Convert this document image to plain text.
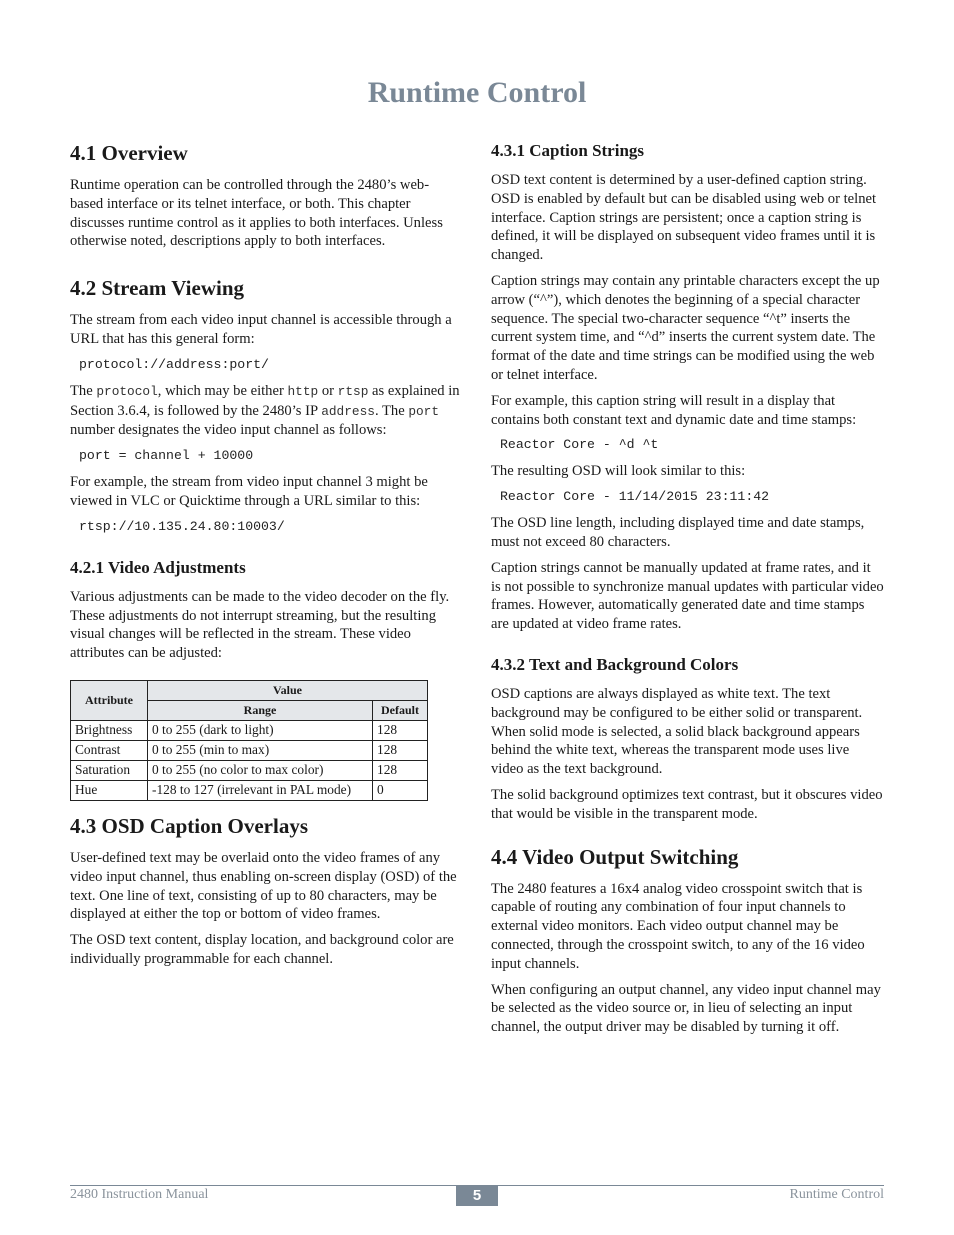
Runtime Control
4.1 Overview

Runtime operation can be controlled through the 2480’s web-based interface or its telnet interface, or both. This chapter discusses runtime control as it applies to both interfaces. Unless otherwise noted, descriptions apply to both interfaces.

4.2 Stream Viewing

The stream from each video input channel is accessible through a URL that has this general form:

protocol://address:port/

The protocol, which may be either http or rtsp as explained in Section 3.6.4, is followed by the 2480’s IP address. The port number designates the video input channel as follows:

port = channel + 10000

For example, the stream from video input channel 3 might be viewed in VLC or Quicktime through a URL similar to this:

rtsp://10.135.24.80:10003/
4.2.1 Video Adjustments

Various adjustments can be made to the video decoder on the fly. These adjustments do not interrupt streaming, but the resulting visual changes will be reflected in the stream. These video attributes can be adjusted:

Attribute	Value	
	Range	Default
Brightness	0 to 255 (dark to light)	128
Contrast	0 to 255 (min to max)	128
Saturation	0 to 255 (no color to max color)	128
Hue	-128 to 127 (irrelevant in PAL mode)	0
4.3 OSD Caption Overlays

User-defined text may be overlaid onto the video frames of any video input channel, thus enabling on-screen display (OSD) of the text. One line of text, consisting of up to 80 characters, may be displayed at either the top or bottom of video frames.

The OSD text content, display location, and background color are individually programmable for each channel.

4.3.1 Caption Strings

OSD text content is determined by a user-defined caption string. OSD is enabled by default but can be disabled using web or telnet interface. Caption strings are persistent; once a caption string is defined, it will be displayed on subsequent video frames until it is changed.

Caption strings may contain any printable characters except the up arrow (“^”), which denotes the beginning of a special character sequence. The special two-character sequence “^t” inserts the current system time, and “^d” inserts the current system date. The format of the date and time strings can be modified using the web or telnet interface.

For example, this caption string will result in a display that contains both constant text and dynamic date and time stamps:

Reactor Core - ^d ^t

The resulting OSD will look similar to this:

Reactor Core - 11/14/2015 23:11:42

The OSD line length, including displayed time and date stamps, must not exceed 80 characters.

Caption strings cannot be manually updated at frame rates, and it is not possible to synchronize manual updates with particular video frames. However, automatically generated date and time stamps are updated at video frame rates.

4.3.2 Text and Background Colors

OSD captions are always displayed as white text. The text background may be configured to be either solid or transparent. When solid mode is selected, a solid black background appears behind the white text, whereas the transparent mode uses live video as the text background.

The solid background optimizes text contrast, but it obscures video that would be visible in the transparent mode.

4.4 Video Output Switching

The 2480 features a 16x4 analog video crosspoint switch that is capable of routing any combination of four input channels to external video monitors. Each video output channel may be connected, through the crosspoint switch, to any of the 16 video input channels.

When configuring an output channel, any video input channel may be selected as the video source or, in lieu of selecting an input channel, the output driver may be disabled by turning it off.

2480 Instruction Manual	5	Runtime Control
